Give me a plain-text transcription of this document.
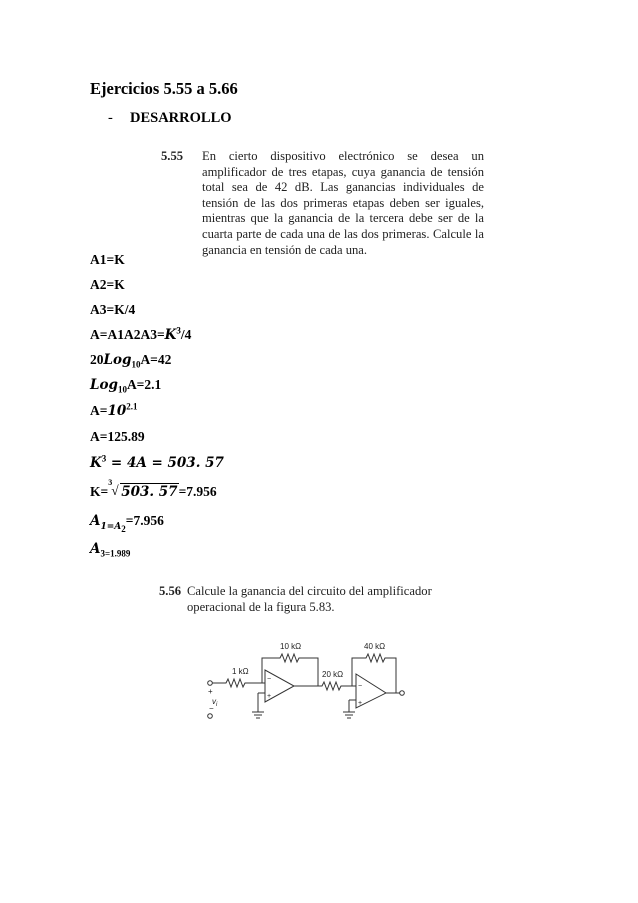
Ejercicios 5.55 a 5.66
- DESARROLLO
5.55 En cierto dispositivo electrónico se desea un amplificador de tres etapas, cuya ganancia de tensión total sea de 42 dB. Las ganancias individuales de tensión de las dos primeras etapas deben ser iguales, mientras que la ganancia de la tercera debe ser de la cuarta parte de cada una de las dos primeras. Calcule la ganancia en tensión de cada una.
A1=K
A2=K
A3=K/4
$A=A1A2A3=K^3/4$
20Log$_{10}$A=42
Log$_{10}$A=2.1
$A=10^{2.1}$
A=125.89
$K^3 = 4A = 503$. 57
K=
3
√ 503. 57=7.956
$A_{1=A_2}=7.956$
$A_{3=1.989}$
5.56 Calcule la ganancia del circuito del amplificador operacional de la figura 5.83.
1 kΩ
10 kΩ
20 kΩ
40 kΩ
+
−
$v_i$
−
+
−
+
